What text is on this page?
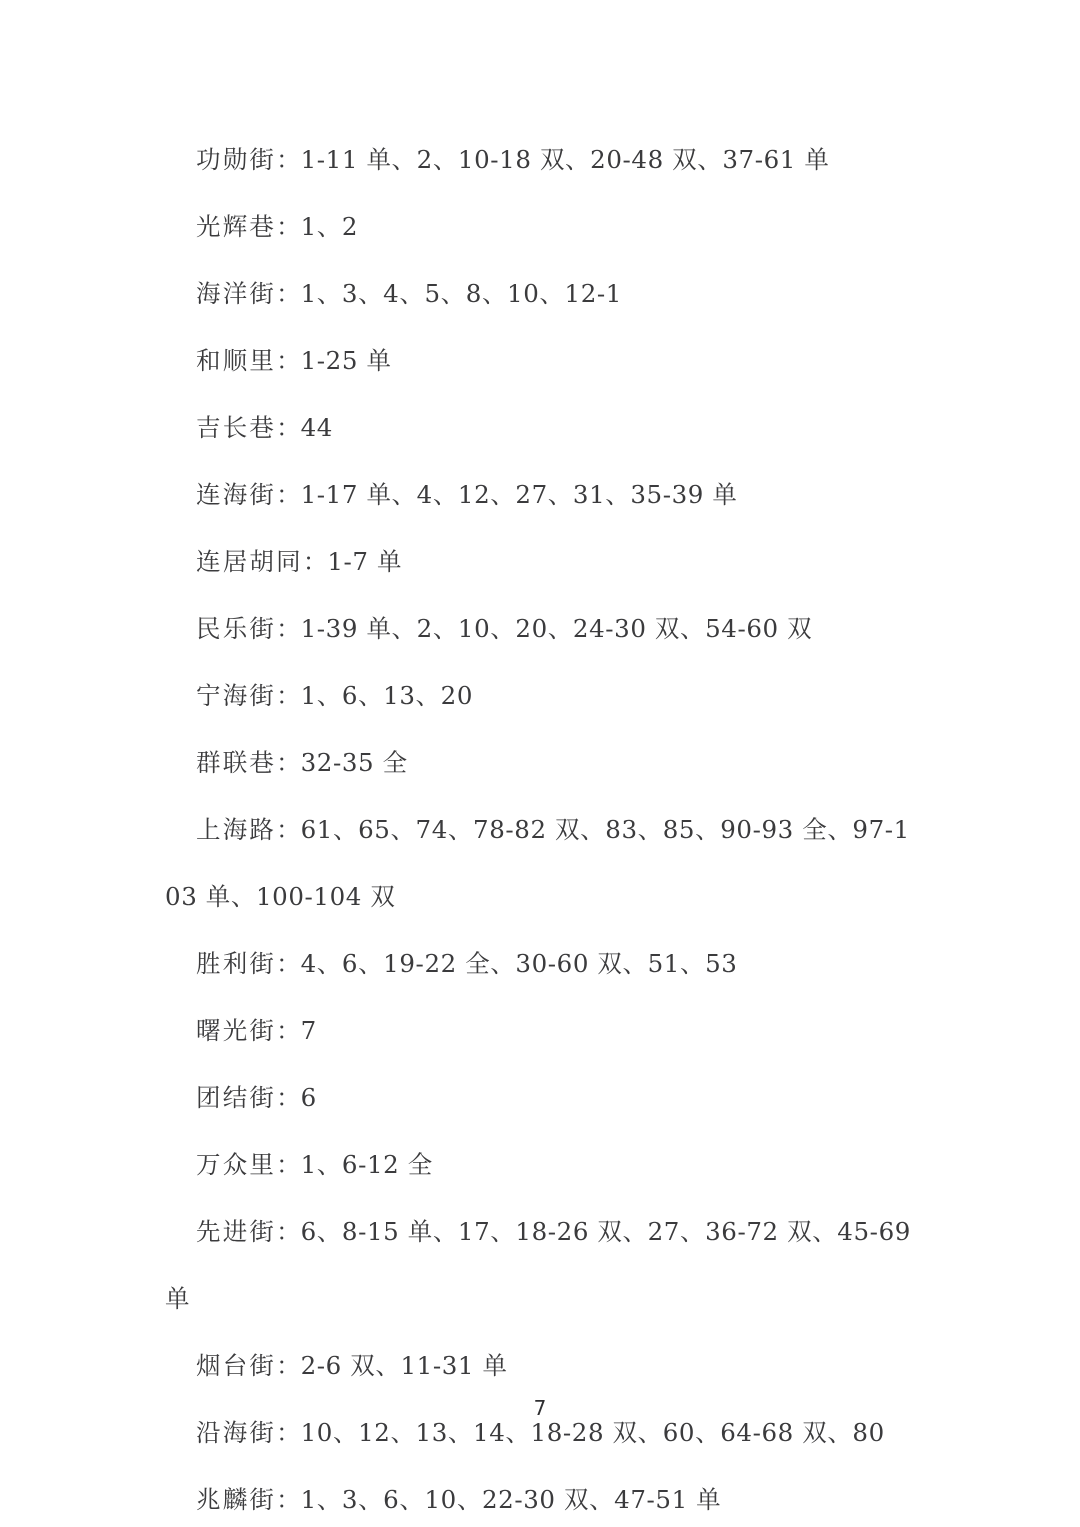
功勋街：1-11 单、2、10-18 双、20-48 双、37-61 单
光辉巷：1、2
海洋街：1、3、4、5、8、10、12-1
和顺里：1-25 单
吉长巷：44
连海街：1-17 单、4、12、27、31、35-39 单
连居胡同：1-7 单
民乐街：1-39 单、2、10、20、24-30 双、54-60 双
宁海街：1、6、13、20
群联巷：32-35 全
上海路：61、65、74、78-82 双、83、85、90-93 全、97-103 单、100-104 双
胜利街：4、6、19-22 全、30-60 双、51、53
曙光街：7
团结街：6
万众里：1、6-12 全
先进街：6、8-15 单、17、18-26 双、27、36-72 双、45-69 单
烟台街：2-6 双、11-31 单
沿海街：10、12、13、14、18-28 双、60、64-68 双、80
兆麟街：1、3、6、10、22-30 双、47-51 单
7
